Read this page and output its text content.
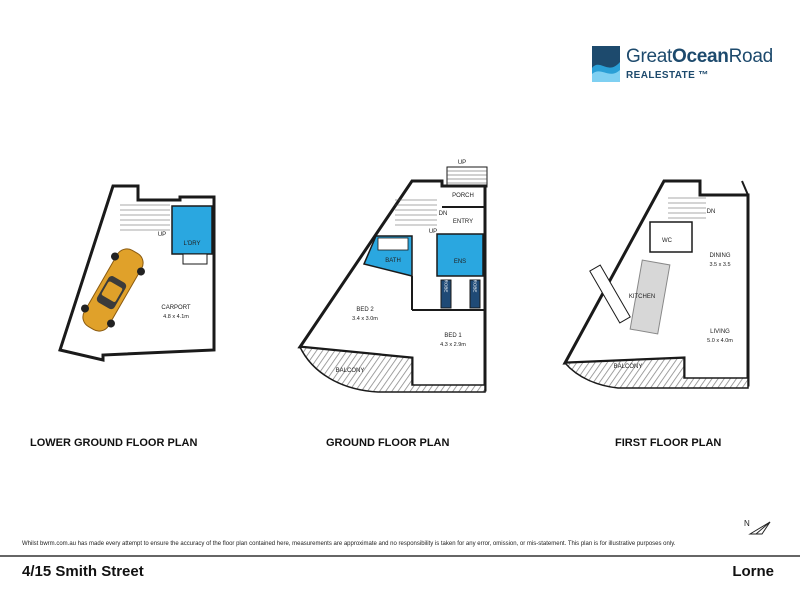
GreatOceanRoad
REALESTATE ™
L'DRY
UP
CARPORT
4.8 x 4.1m
UP
BALCONY
PORCH
ENTRY
DN
UP
BATH	ENS
ROBE	ROBE
BED 2
3.4 x 3.0m
BED 1
4.3 x 2.9m
BALCONY
DN
WC
KITCHEN
DINING
3.5 x 3.5
LIVING
5.0 x 4.0m
LOWER GROUND FLOOR PLAN	GROUND FLOOR PLAN	FIRST FLOOR PLAN
N
Whilst bwrm.com.au has made every attempt to ensure the accuracy of the floor plan contained here, measurements are approximate and no responsibility is taken for any error, omission, or mis-statement. This plan is for illustrative purposes only.
4/15 Smith Street	Lorne
